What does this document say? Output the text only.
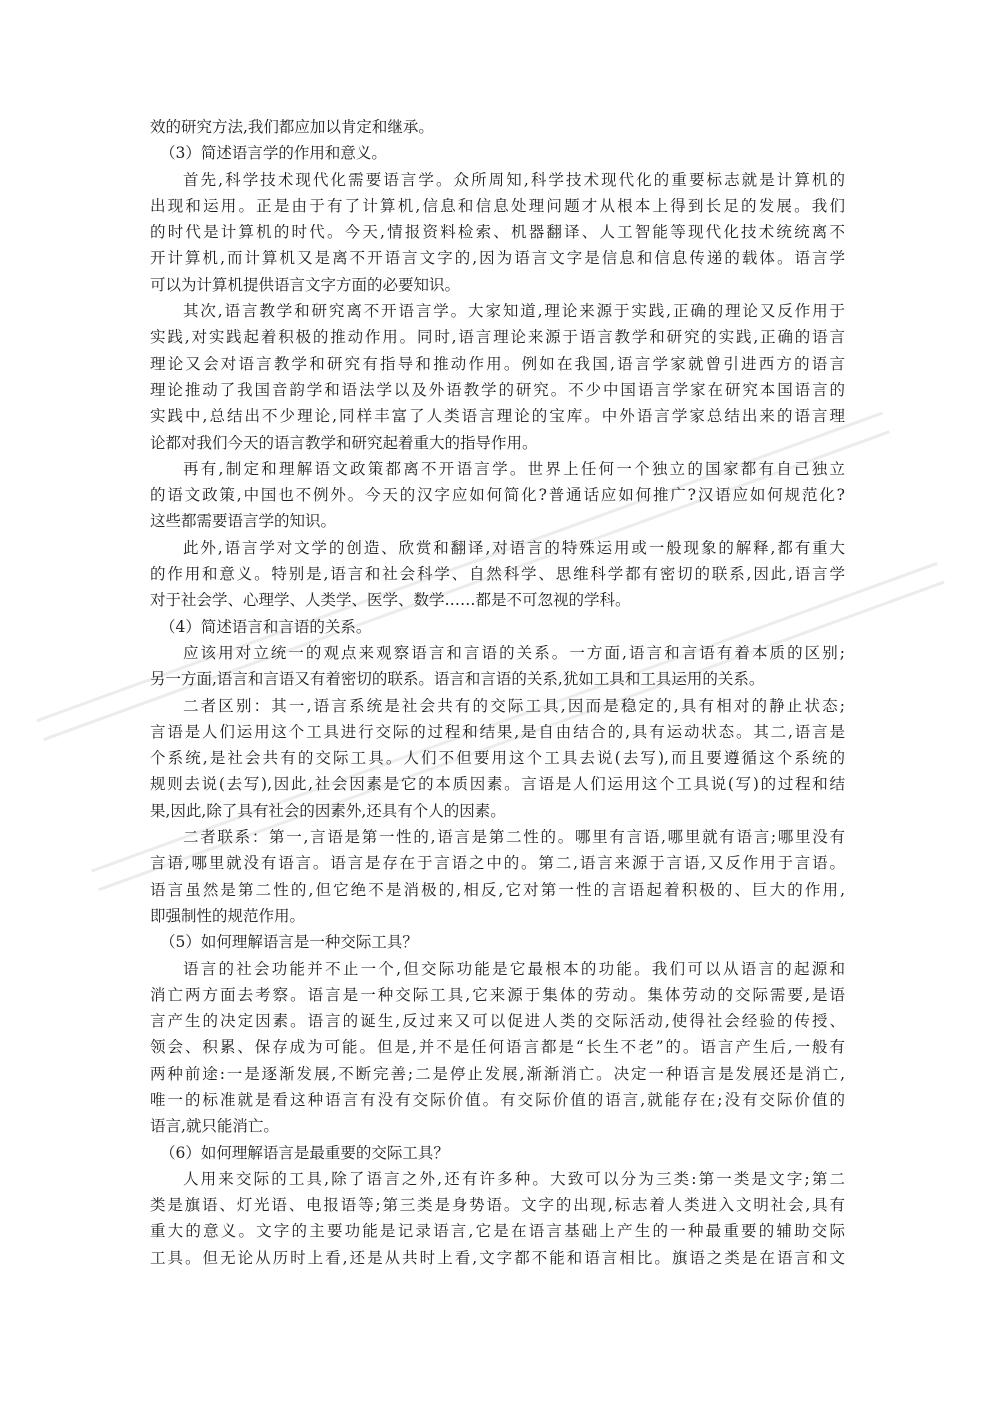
效的研究方法,我们都应加以肯定和继承。
（3）简述语言学的作用和意义。
首先,科学技术现代化需要语言学。众所周知,科学技术现代化的重要标志就是计算机的
出现和运用。正是由于有了计算机,信息和信息处理问题才从根本上得到长足的发展。我们
的时代是计算机的时代。今天,情报资料检索、机器翻译、人工智能等现代化技术统统离不
开计算机,而计算机又是离不开语言文字的,因为语言文字是信息和信息传递的载体。语言学
可以为计算机提供语言文字方面的必要知识。
其次,语言教学和研究离不开语言学。大家知道,理论来源于实践,正确的理论又反作用于
实践,对实践起着积极的推动作用。同时,语言理论来源于语言教学和研究的实践,正确的语言
理论又会对语言教学和研究有指导和推动作用。例如在我国,语言学家就曾引进西方的语言
理论推动了我国音韵学和语法学以及外语教学的研究。不少中国语言学家在研究本国语言的
实践中,总结出不少理论,同样丰富了人类语言理论的宝库。中外语言学家总结出来的语言理
论都对我们今天的语言教学和研究起着重大的指导作用。
再有,制定和理解语文政策都离不开语言学。世界上任何一个独立的国家都有自己独立
的语文政策,中国也不例外。今天的汉字应如何简化?普通话应如何推广?汉语应如何规范化?
这些都需要语言学的知识。
此外,语言学对文学的创造、欣赏和翻译,对语言的特殊运用或一般现象的解释,都有重大
的作用和意义。特别是,语言和社会科学、自然科学、思维科学都有密切的联系,因此,语言学
对于社会学、心理学、人类学、医学、数学……都是不可忽视的学科。
（4）简述语言和言语的关系。
应该用对立统一的观点来观察语言和言语的关系。一方面,语言和言语有着本质的区别;
另一方面,语言和言语又有着密切的联系。语言和言语的关系,犹如工具和工具运用的关系。
二者区别：其一,语言系统是社会共有的交际工具,因而是稳定的,具有相对的静止状态;
言语是人们运用这个工具进行交际的过程和结果,是自由结合的,具有运动状态。其二,语言是
个系统,是社会共有的交际工具。人们不但要用这个工具去说(去写),而且要遵循这个系统的
规则去说(去写),因此,社会因素是它的本质因素。言语是人们运用这个工具说(写)的过程和结
果,因此,除了具有社会的因素外,还具有个人的因素。
二者联系：第一,言语是第一性的,语言是第二性的。哪里有言语,哪里就有语言;哪里没有
言语,哪里就没有语言。语言是存在于言语之中的。第二,语言来源于言语,又反作用于言语。
语言虽然是第二性的,但它绝不是消极的,相反,它对第一性的言语起着积极的、巨大的作用,
即强制性的规范作用。
（5）如何理解语言是一种交际工具？
语言的社会功能并不止一个,但交际功能是它最根本的功能。我们可以从语言的起源和
消亡两方面去考察。语言是一种交际工具,它来源于集体的劳动。集体劳动的交际需要,是语
言产生的决定因素。语言的诞生,反过来又可以促进人类的交际活动,使得社会经验的传授、
领会、积累、保存成为可能。但是,并不是任何语言都是“长生不老”的。语言产生后,一般有
两种前途:一是逐渐发展,不断完善;二是停止发展,渐渐消亡。决定一种语言是发展还是消亡,
唯一的标准就是看这种语言有没有交际价值。有交际价值的语言,就能存在;没有交际价值的
语言,就只能消亡。
（6）如何理解语言是最重要的交际工具？
人用来交际的工具,除了语言之外,还有许多种。大致可以分为三类:第一类是文字;第二
类是旗语、灯光语、电报语等;第三类是身势语。文字的出现,标志着人类进入文明社会,具有
重大的意义。文字的主要功能是记录语言,它是在语言基础上产生的一种最重要的辅助交际
工具。但无论从历时上看,还是从共时上看,文字都不能和语言相比。旗语之类是在语言和文
